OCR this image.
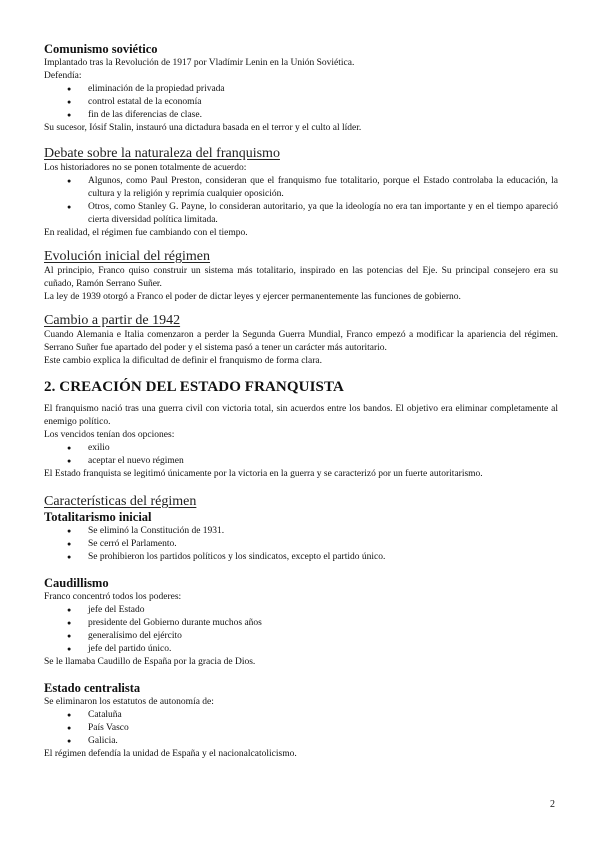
Comunismo soviético

Implantado tras la Revolución de 1917 por Vladímir Lenin en la Unión Soviética.

Defendía:

● eliminación de la propiedad privada
● control estatal de la economía
● fin de las diferencias de clase.

Su sucesor, Iósif Stalin, instauró una dictadura basada en el terror y el culto al líder.

Debate sobre la naturaleza del franquismo

Los historiadores no se ponen totalmente de acuerdo:

● Algunos, como Paul Preston, consideran que el franquismo fue totalitario, porque el Estado controlaba la educación, la cultura y la religión y reprimía cualquier oposición.
● Otros, como Stanley G. Payne, lo consideran autoritario, ya que la ideología no era tan importante y en el tiempo apareció cierta diversidad política limitada.

En realidad, el régimen fue cambiando con el tiempo.

Evolución inicial del régimen

Al principio, Franco quiso construir un sistema más totalitario, inspirado en las potencias del Eje. Su principal consejero era su cuñado, Ramón Serrano Suñer.

La ley de 1939 otorgó a Franco el poder de dictar leyes y ejercer permanentemente las funciones de gobierno.

Cambio a partir de 1942

Cuando Alemania e Italia comenzaron a perder la Segunda Guerra Mundial, Franco empezó a modificar la apariencia del régimen. Serrano Suñer fue apartado del poder y el sistema pasó a tener un carácter más autoritario.

Este cambio explica la dificultad de definir el franquismo de forma clara.

2. CREACIÓN DEL ESTADO FRANQUISTA

El franquismo nació tras una guerra civil con victoria total, sin acuerdos entre los bandos. El objetivo era eliminar completamente al enemigo político.

Los vencidos tenían dos opciones:

● exilio
● aceptar el nuevo régimen

El Estado franquista se legitimó únicamente por la victoria en la guerra y se caracterizó por un fuerte autoritarismo.

Características del régimen
Totalitarismo inicial
● Se eliminó la Constitución de 1931.
● Se cerró el Parlamento.
● Se prohibieron los partidos políticos y los sindicatos, excepto el partido único.
Caudillismo

Franco concentró todos los poderes:

● jefe del Estado
● presidente del Gobierno durante muchos años
● generalísimo del ejército
● jefe del partido único.

Se le llamaba Caudillo de España por la gracia de Dios.

Estado centralista

Se eliminaron los estatutos de autonomía de:

● Cataluña
● País Vasco
● Galicia.

El régimen defendía la unidad de España y el nacionalcatolicismo.

2
